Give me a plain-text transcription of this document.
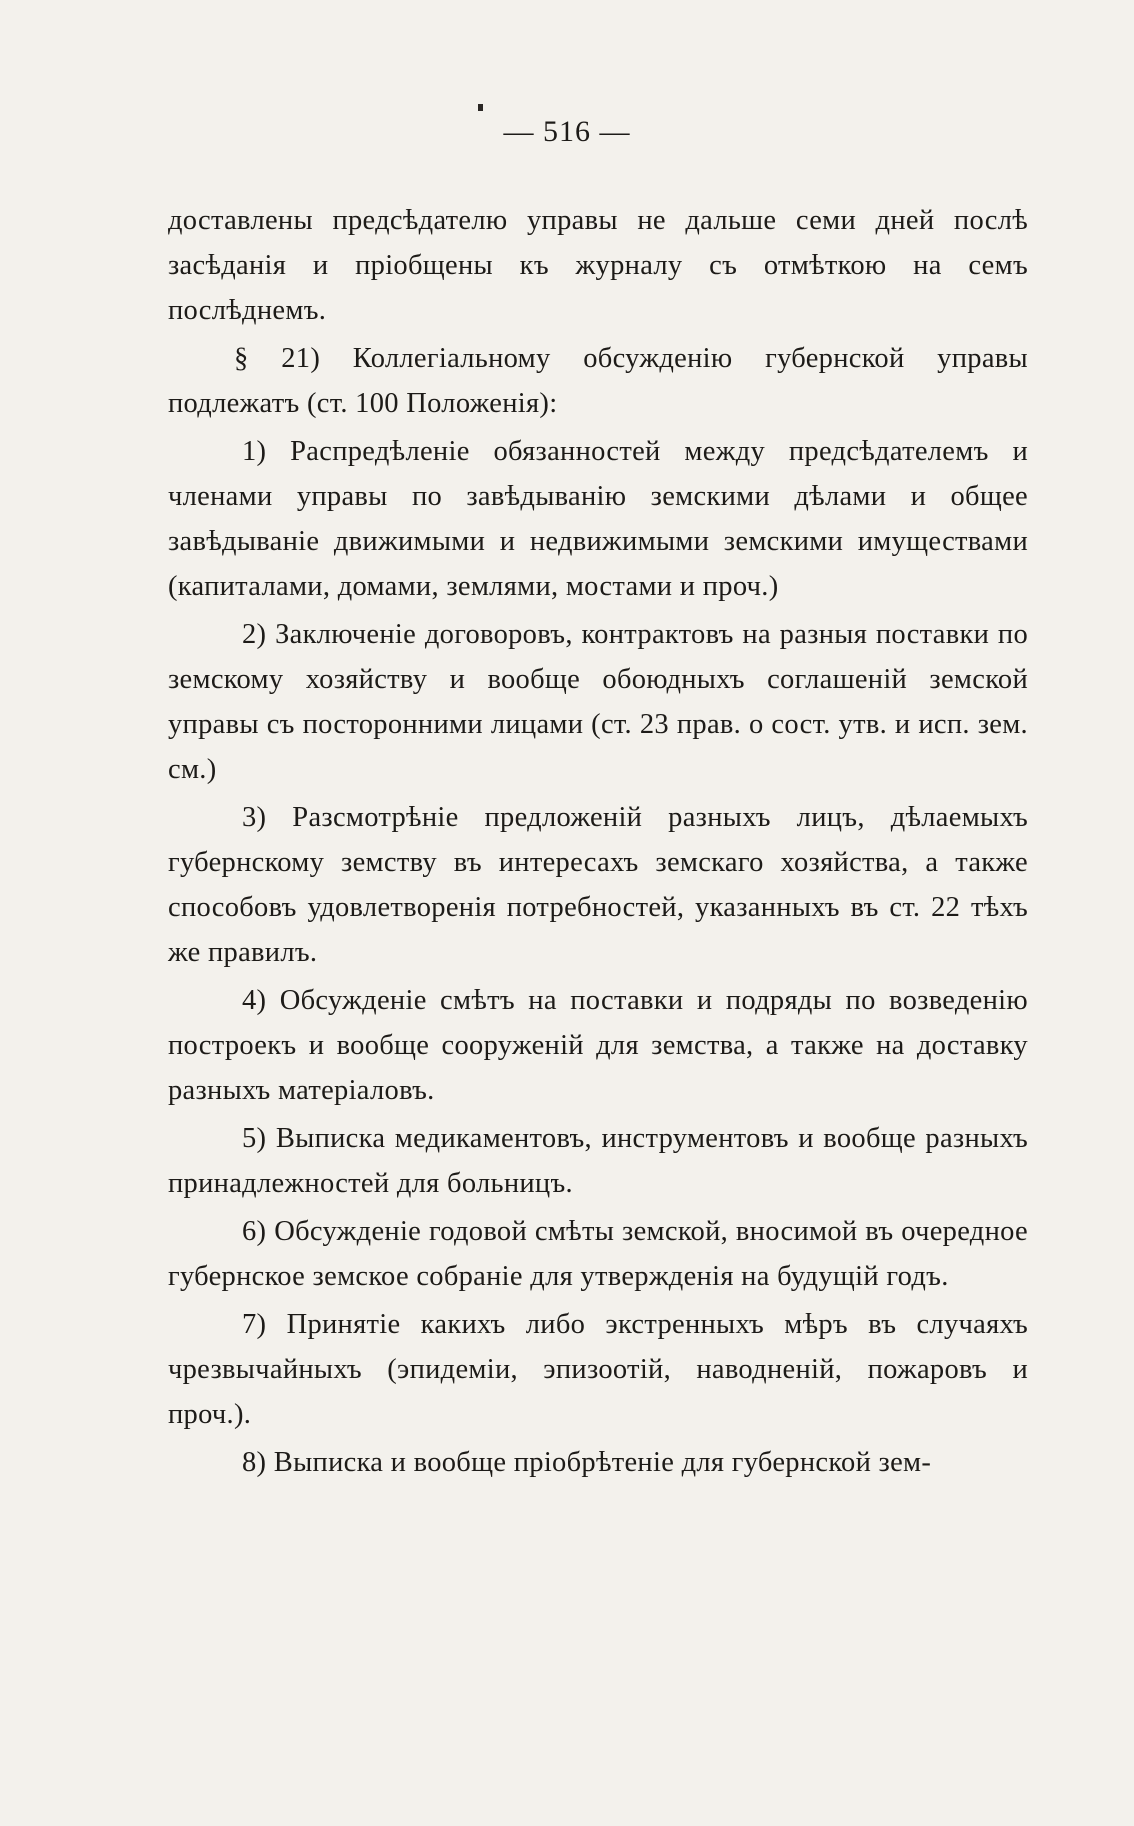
— 516 —

доставлены предсѣдателю управы не дальше семи дней послѣ засѣданія и пріобщены къ журналу съ отмѣткою на семъ послѣднемъ.

§ 21) Коллегіальному обсужденію губернской управы подлежатъ (ст. 100 Положенія):

1) Распредѣленіе обязанностей между предсѣдателемъ и членами управы по завѣдыванію земскими дѣлами и общее завѣдываніе движимыми и недвижимыми земскими имуществами (капиталами, домами, землями, мостами и проч.)

2) Заключеніе договоровъ, контрактовъ на разныя поставки по земскому хозяйству и вообще обоюдныхъ соглашеній земской управы съ посторонними лицами (ст. 23 прав. о сост. утв. и исп. зем. см.)

3) Разсмотрѣніе предложеній разныхъ лицъ, дѣлаемыхъ губернскому земству въ интересахъ земскаго хозяйства, а также способовъ удовлетворенія потребностей, указанныхъ въ ст. 22 тѣхъ же правилъ.

4) Обсужденіе смѣтъ на поставки и подряды по возведенію построекъ и вообще сооруженій для земства, а также на доставку разныхъ матеріаловъ.

5) Выписка медикаментовъ, инструментовъ и вообще разныхъ принадлежностей для больницъ.

6) Обсужденіе годовой смѣты земской, вносимой въ очередное губернское земское собраніе для утвержденія на будущій годъ.

7) Принятіе какихъ либо экстренныхъ мѣръ въ случаяхъ чрезвычайныхъ (эпидеміи, эпизоотій, наводненій, пожаровъ и проч.).

8) Выписка и вообще пріобрѣтеніе для губернской зем-
